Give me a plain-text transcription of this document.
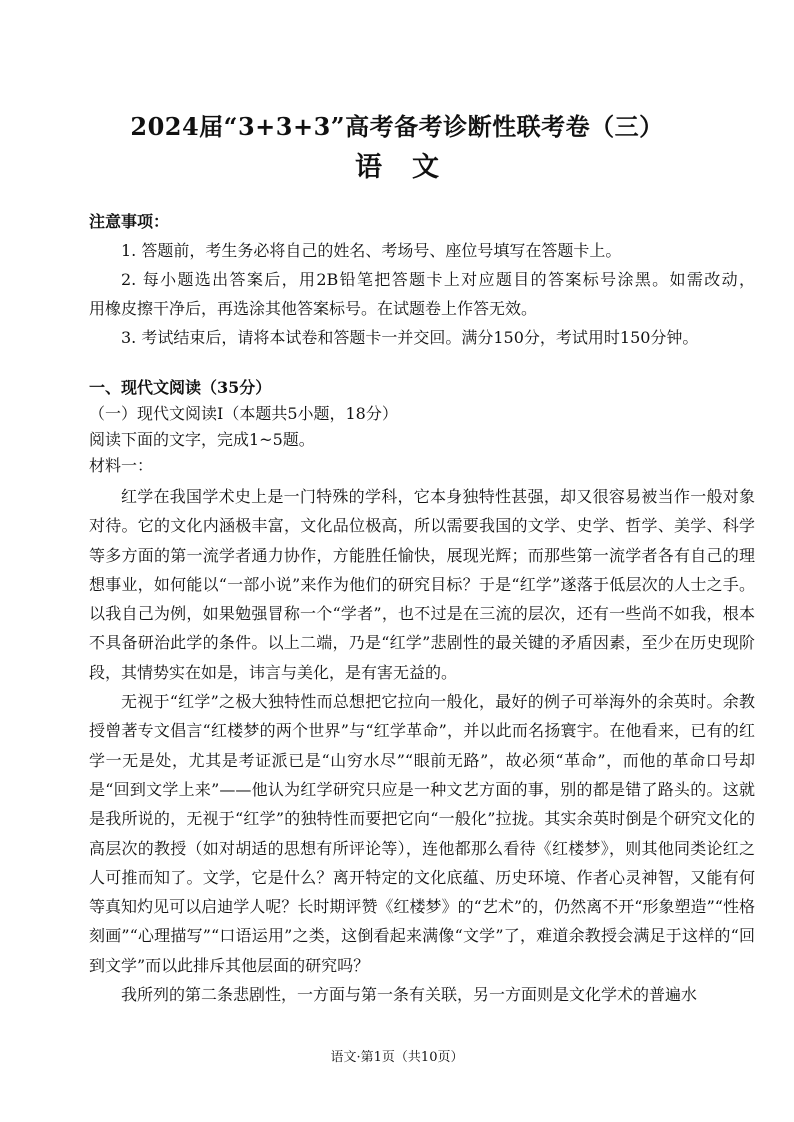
2024届“3+3+3”高考备考诊断性联考卷（三）
语文
注意事项：
1. 答题前，考生务必将自己的姓名、考场号、座位号填写在答题卡上。
2. 每小题选出答案后，用2B铅笔把答题卡上对应题目的答案标号涂黑。如需改动，
用橡皮擦干净后，再选涂其他答案标号。在试题卷上作答无效。
3. 考试结束后，请将本试卷和答题卡一并交回。满分150分，考试用时150分钟。
一、现代文阅读（35分）
（一）现代文阅读Ⅰ（本题共5小题，18分）
阅读下面的文字，完成1~5题。
材料一：

红学在我国学术史上是一门特殊的学科，它本身独特性甚强，却又很容易被当作一般对象对待。它的文化内涵极丰富，文化品位极高，所以需要我国的文学、史学、哲学、美学、科学等多方面的第一流学者通力协作，方能胜任愉快，展现光辉；而那些第一流学者各有自己的理想事业，如何能以“一部小说”来作为他们的研究目标？于是“红学”遂落于低层次的人士之手。以我自己为例，如果勉强冒称一个“学者”，也不过是在三流的层次，还有一些尚不如我，根本不具备研治此学的条件。以上二端，乃是“红学”悲剧性的最关键的矛盾因素，至少在历史现阶段，其情势实在如是，讳言与美化，是有害无益的。

无视于“红学”之极大独特性而总想把它拉向一般化，最好的例子可举海外的余英时。余教授曾著专文倡言“红楼梦的两个世界”与“红学革命”，并以此而名扬寰宇。在他看来，已有的红学一无是处，尤其是考证派已是“山穷水尽”“眼前无路”，故必须“革命”，而他的革命口号却是“回到文学上来”——他认为红学研究只应是一种文艺方面的事，别的都是错了路头的。这就是我所说的，无视于“红学”的独特性而要把它向“一般化”拉拢。其实余英时倒是个研究文化的高层次的教授（如对胡适的思想有所评论等），连他都那么看待《红楼梦》，则其他同类论红之人可推而知了。文学，它是什么？离开特定的文化底蕴、历史环境、作者心灵神智，又能有何等真知灼见可以启迪学人呢？长时期评赞《红楼梦》的“艺术”的，仍然离不开“形象塑造”“性格刻画”“心理描写”“口语运用”之类，这倒看起来满像“文学”了，难道余教授会满足于这样的“回到文学”而以此排斥其他层面的研究吗？

我所列的第二条悲剧性，一方面与第一条有关联，另一方面则是文化学术的普遍水

语文·第1页（共10页）
